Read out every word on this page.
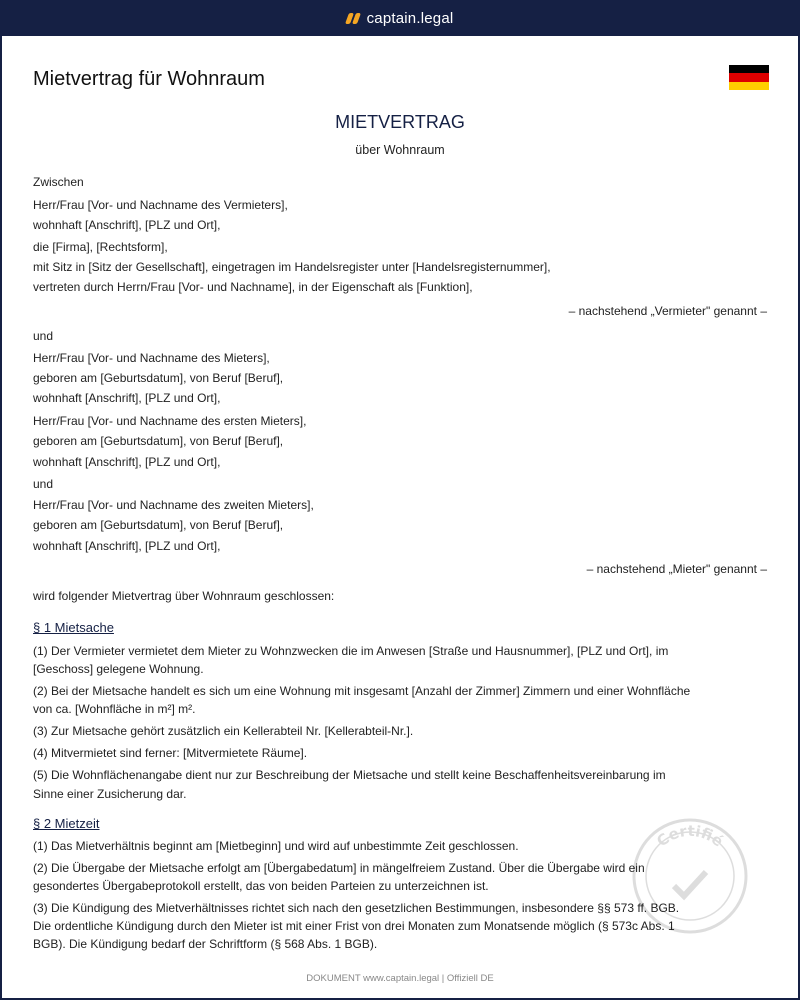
captain.legal
Mietvertrag für Wohnraum
MIETVERTRAG
über Wohnraum
Zwischen
Herr/Frau [Vor- und Nachname des Vermieters],
wohnhaft [Anschrift], [PLZ und Ort],
die [Firma], [Rechtsform],
mit Sitz in [Sitz der Gesellschaft], eingetragen im Handelsregister unter [Handelsregisternummer],
vertreten durch Herrn/Frau [Vor- und Nachname], in der Eigenschaft als [Funktion],
– nachstehend „Vermieter" genannt –
und
Herr/Frau [Vor- und Nachname des Mieters],
geboren am [Geburtsdatum], von Beruf [Beruf],
wohnhaft [Anschrift], [PLZ und Ort],
Herr/Frau [Vor- und Nachname des ersten Mieters],
geboren am [Geburtsdatum], von Beruf [Beruf],
wohnhaft [Anschrift], [PLZ und Ort],
und
Herr/Frau [Vor- und Nachname des zweiten Mieters],
geboren am [Geburtsdatum], von Beruf [Beruf],
wohnhaft [Anschrift], [PLZ und Ort],
– nachstehend „Mieter" genannt –
wird folgender Mietvertrag über Wohnraum geschlossen:
§ 1 Mietsache
(1) Der Vermieter vermietet dem Mieter zu Wohnzwecken die im Anwesen [Straße und Hausnummer], [PLZ und Ort], im
[Geschoss] gelegene Wohnung.
(2) Bei der Mietsache handelt es sich um eine Wohnung mit insgesamt [Anzahl der Zimmer] Zimmern und einer Wohnfläche
von ca. [Wohnfläche in m²] m².
(3) Zur Mietsache gehört zusätzlich ein Kellerabteil Nr. [Kellerabteil-Nr.].
(4) Mitvermietet sind ferner: [Mitvermietete Räume].
(5) Die Wohnflächenangabe dient nur zur Beschreibung der Mietsache und stellt keine Beschaffenheitsvereinbarung im
Sinne einer Zusicherung dar.
§ 2 Mietzeit
(1) Das Mietverhältnis beginnt am [Mietbeginn] und wird auf unbestimmte Zeit geschlossen.
(2) Die Übergabe der Mietsache erfolgt am [Übergabedatum] in mängelfreiem Zustand. Über die Übergabe wird ein
gesondertes Übergabeprotokoll erstellt, das von beiden Parteien zu unterzeichnen ist.
(3) Die Kündigung des Mietverhältnisses richtet sich nach den gesetzlichen Bestimmungen, insbesondere §§ 573 ff. BGB.
Die ordentliche Kündigung durch den Mieter ist mit einer Frist von drei Monaten zum Monatsende möglich (§ 573c Abs. 1
BGB). Die Kündigung bedarf der Schriftform (§ 568 Abs. 1 BGB).
Certifié
DOKUMENT www.captain.legal | Offiziell DE
